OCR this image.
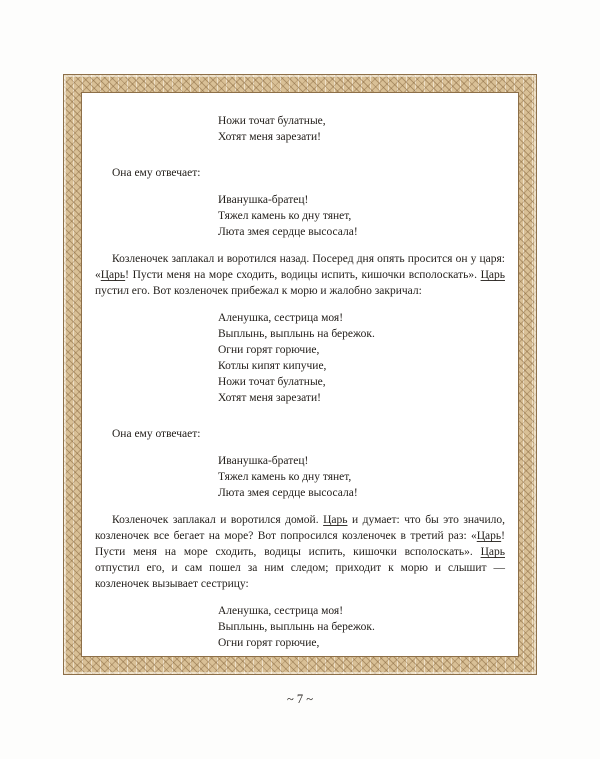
Ножи точат булатные,
Хотят меня зарезати!

Она ему отвечает:

Иванушка-братец!
Тяжел камень ко дну тянет,
Люта змея сердце высосала!

Козленочек заплакал и воротился назад. Посеред дня опять просится он у царя: «Царь! Пусти меня на море сходить, водицы испить, кишочки всполоскать». Царь пустил его. Вот козленочек прибежал к морю и жалобно закричал:

Аленушка, сестрица моя!
Выплынь, выплынь на бережок.
Огни горят горючие,
Котлы кипят кипучие,
Ножи точат булатные,
Хотят меня зарезати!

Она ему отвечает:

Иванушка-братец!
Тяжел камень ко дну тянет,
Люта змея сердце высосала!

Козленочек заплакал и воротился домой. Царь и думает: что бы это значило, козленочек все бегает на море? Вот попросился козленочек в третий раз: «Царь! Пусти меня на море сходить, водицы испить, кишочки всполоскать». Царь отпустил его, и сам пошел за ним следом; приходит к морю и слышит — козленочек вызывает сестрицу:

Аленушка, сестрица моя!
Выплынь, выплынь на бережок.
Огни горят горючие,
~ 7 ~
